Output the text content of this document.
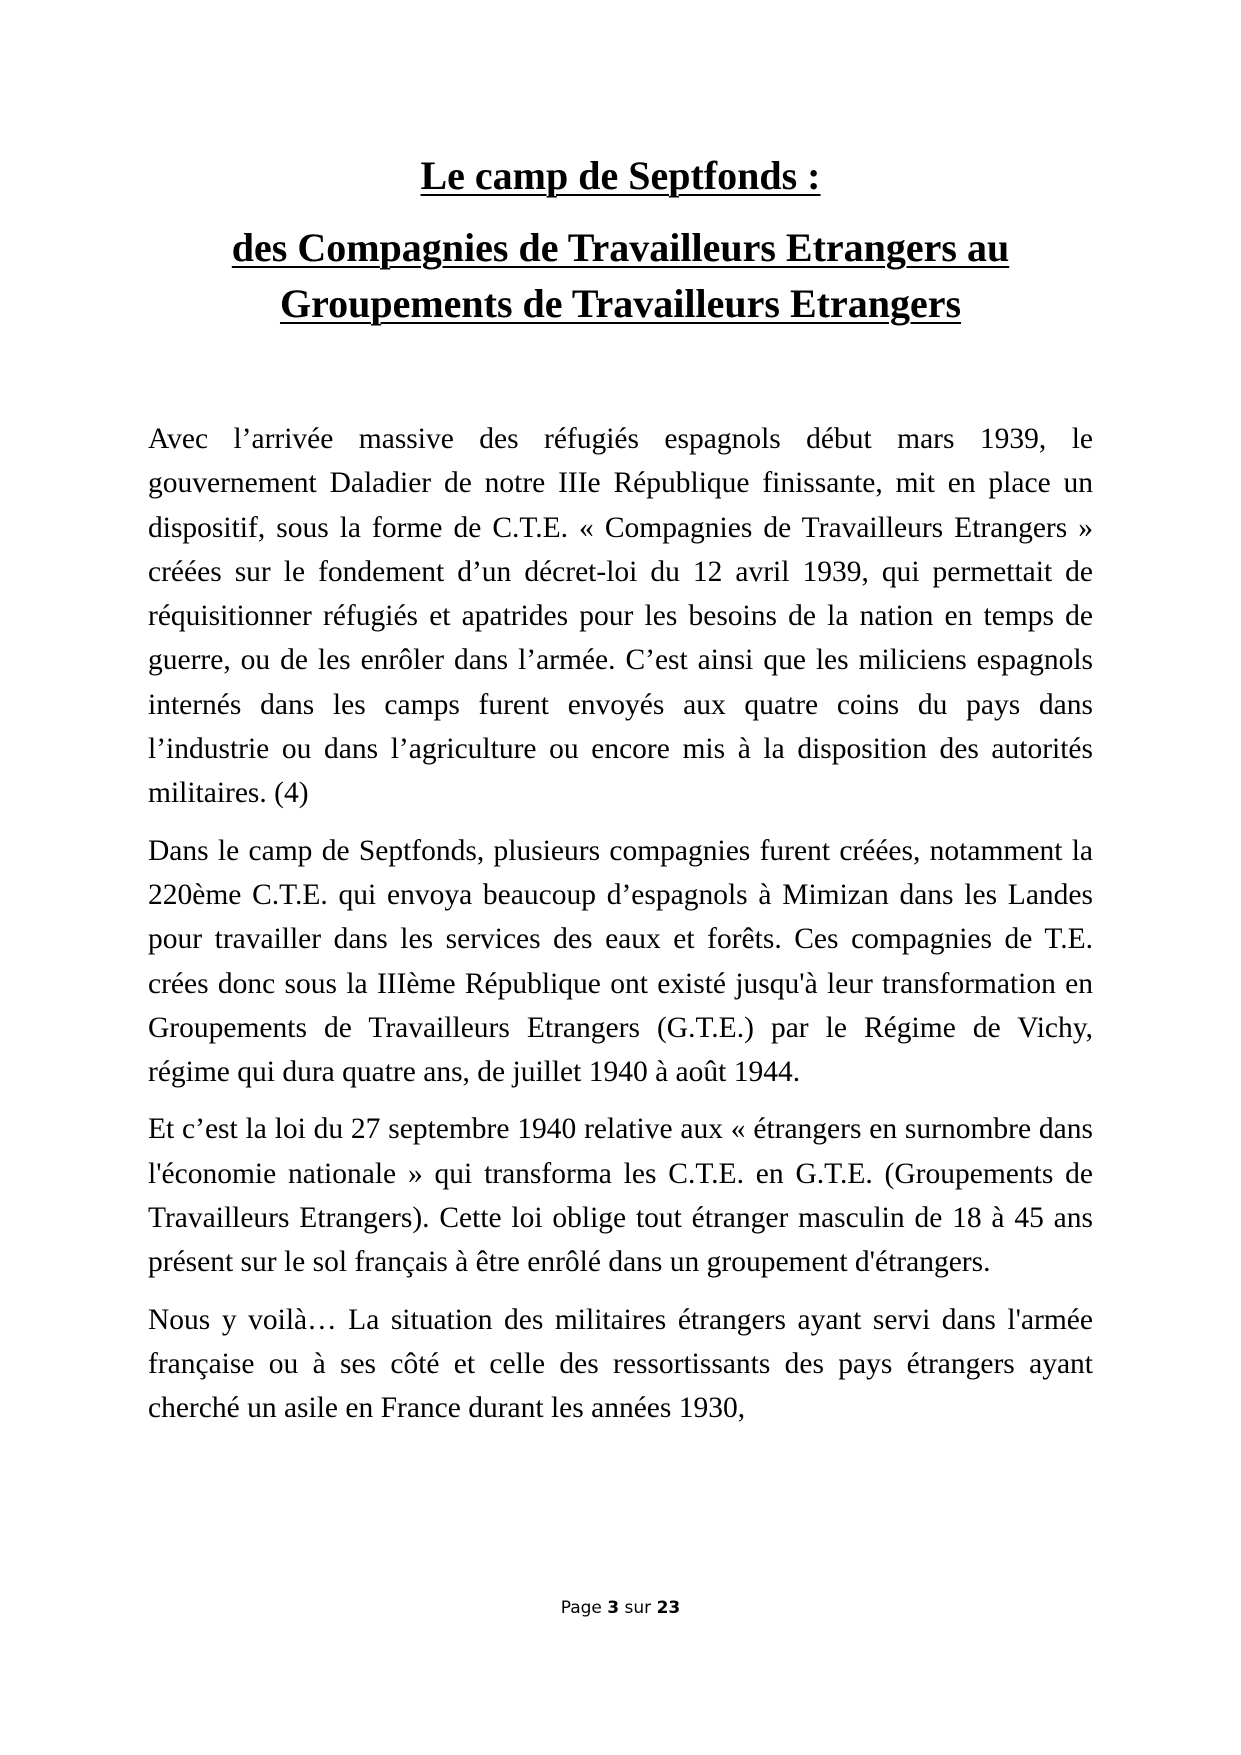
Le camp de Septfonds :
des Compagnies de Travailleurs Etrangers au
Groupements de Travailleurs Etrangers

Avec l’arrivée massive des réfugiés espagnols début mars 1939, le gouvernement Daladier de notre IIIe République finissante, mit en place un dispositif, sous la forme de C.T.E. « Compagnies de Travailleurs Etrangers » créées sur le fondement d’un décret-loi du 12 avril 1939, qui permettait de réquisitionner réfugiés et apatrides pour les besoins de la nation en temps de guerre, ou de les enrôler dans l’armée. C’est ainsi que les miliciens espagnols internés dans les camps furent envoyés aux quatre coins du pays dans l’industrie ou dans l’agriculture ou encore mis à la disposition des autorités militaires. (4)

Dans le camp de Septfonds, plusieurs compagnies furent créées, notamment la 220ème C.T.E. qui envoya beaucoup d’espagnols à Mimizan dans les Landes pour travailler dans les services des eaux et forêts. Ces compagnies de T.E. crées donc sous la IIIème République ont existé jusqu'à leur transformation en Groupements de Travailleurs Etrangers (G.T.E.) par le Régime de Vichy, régime qui dura quatre ans, de juillet 1940 à août 1944.

Et c’est la loi du 27 septembre 1940 relative aux « étrangers en surnombre dans l'économie nationale » qui transforma les C.T.E. en G.T.E. (Groupements de Travailleurs Etrangers). Cette loi oblige tout étranger masculin de 18 à 45 ans présent sur le sol français à être enrôlé dans un groupement d'étrangers.

Nous y voilà… La situation des militaires étrangers ayant servi dans l'armée française ou à ses côté et celle des ressortissants des pays étrangers ayant cherché un asile en France durant les années 1930,

Page 3 sur 23
